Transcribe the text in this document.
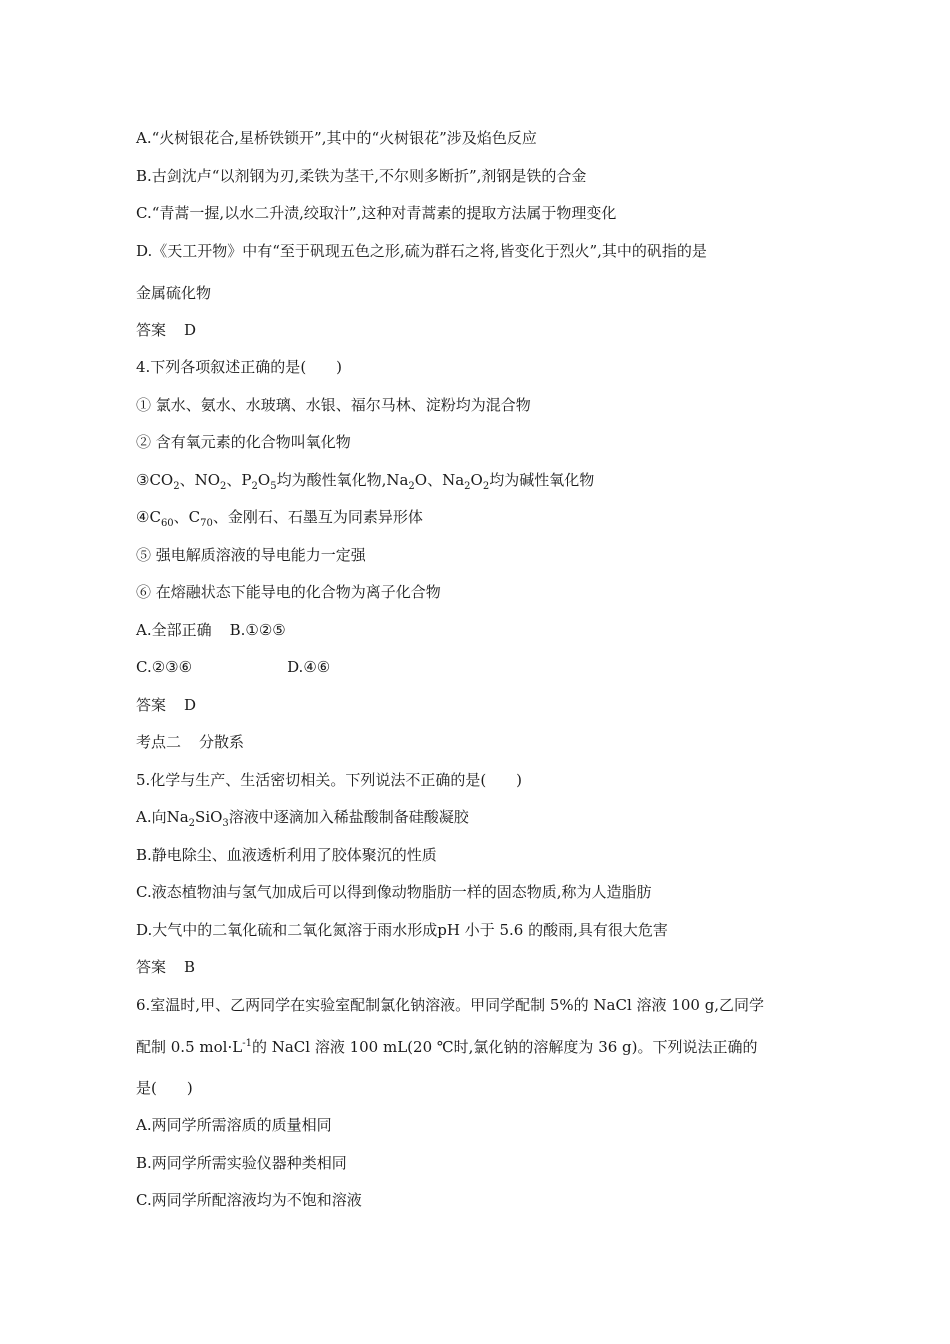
A.“火树银花合,星桥铁锁开”,其中的“火树银花”涉及焰色反应
B.古剑沈卢“以剂钢为刃,柔铁为茎干,不尔则多断折”,剂钢是铁的合金
C.“青蒿一握,以水二升渍,绞取汁”,这种对青蒿素的提取方法属于物理变化
D.《天工开物》中有“至于矾现五色之形,硫为群石之将,皆变化于烈火”,其中的矾指的是
金属硫化物
答案 D
4.下列各项叙述正确的是(　　)
① 氯水、氨水、水玻璃、水银、福尔马林、淀粉均为混合物
② 含有氧元素的化合物叫氧化物
$③CO_2$、$NO_2$、$P_2O_5$均为酸性氧化物$,Na_2O$、$Na_2O_2$均为碱性氧化物
$④C_{60}$、$C_{70}$、金刚石、石墨互为同素异形体
⑤ 强电解质溶液的导电能力一定强
⑥ 在熔融状态下能导电的化合物为离子化合物
A.全部正确 B.①②⑤
C.②③⑥	D.④⑥
答案 D
考点二 分散系
5.化学与生产、生活密切相关。下列说法不正确的是(　　)
A.向$Na_2SiO_3$溶液中逐滴加入稀盐酸制备硅酸凝胶
B.静电除尘、血液透析利用了胶体聚沉的性质
C.液态植物油与氢气加成后可以得到像动物脂肪一样的固态物质,称为人造脂肪
D.大气中的二氧化硫和二氧化氮溶于雨水形成pH 小于 5.6 的酸雨,具有很大危害
答案 B
6.室温时,甲、乙两同学在实验室配制氯化钠溶液。甲同学配制 5%的 NaCl 溶液 100 g,乙同学
配制 0.5 $mol\cdot L^{-1}$的 NaCl 溶液 100 mL(20 ℃时,氯化钠的溶解度为 36 g)。下列说法正确的
是(　　)
A.两同学所需溶质的质量相同
B.两同学所需实验仪器种类相同
C.两同学所配溶液均为不饱和溶液
